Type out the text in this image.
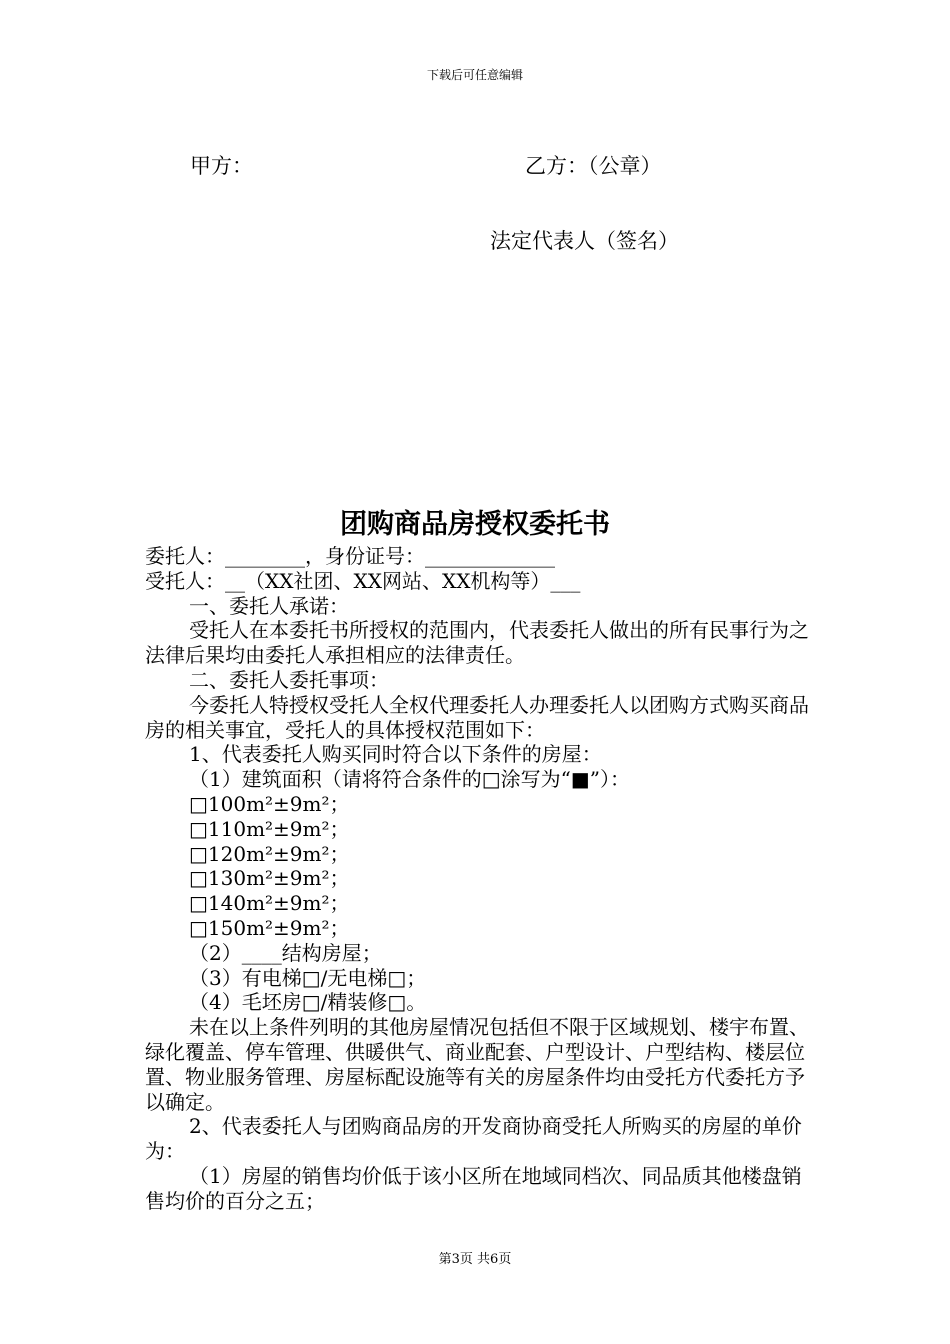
下载后可任意编辑
甲方：	乙方：（公章）
法定代表人（签名）
团购商品房授权委托书

委托人：________，身份证号：_____________

受托人：__（XX社团、XX网站、XX机构等）___

一、委托人承诺：

受托人在本委托书所授权的范围内，代表委托人做出的所有民事行为之法律后果均由委托人承担相应的法律责任。

二、委托人委托事项：

今委托人特授权受托人全权代理委托人办理委托人以团购方式购买商品房的相关事宜，受托人的具体授权范围如下：

1、代表委托人购买同时符合以下条件的房屋：

（1）建筑面积（请将符合条件的□涂写为“■”）：

□100m²±9m²；

□110m²±9m²；

□120m²±9m²；

□130m²±9m²；

□140m²±9m²；

□150m²±9m²；

（2）____结构房屋；

（3）有电梯□/无电梯□；

（4）毛坯房□/精装修□。

未在以上条件列明的其他房屋情况包括但不限于区域规划、楼宇布置、绿化覆盖、停车管理、供暖供气、商业配套、户型设计、户型结构、楼层位置、物业服务管理、房屋标配设施等有关的房屋条件均由受托方代委托方予以确定。

2、代表委托人与团购商品房的开发商协商受托人所购买的房屋的单价为：

（1）房屋的销售均价低于该小区所在地域同档次、同品质其他楼盘销售均价的百分之五；

第3页 共6页
